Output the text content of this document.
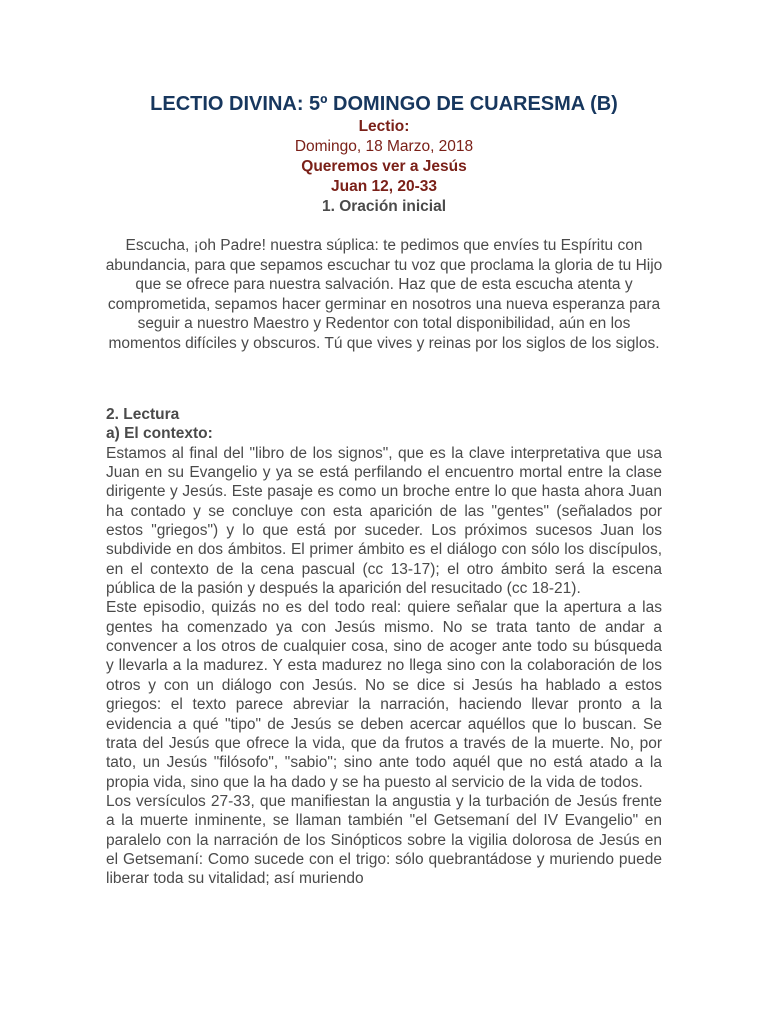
LECTIO DIVINA: 5º DOMINGO DE CUARESMA (B)
Lectio:
Domingo, 18 Marzo, 2018
Queremos ver a Jesús
Juan 12, 20-33
1. Oración inicial
Escucha, ¡oh Padre! nuestra súplica: te pedimos que envíes tu Espíritu con abundancia, para que sepamos escuchar tu voz que proclama la gloria de tu Hijo que se ofrece para nuestra salvación. Haz que de esta escucha atenta y comprometida, sepamos hacer germinar en nosotros una nueva esperanza para seguir a nuestro Maestro y Redentor con total disponibilidad, aún en los momentos difíciles y obscuros. Tú que vives y reinas por los siglos de los siglos.
2. Lectura
a) El contexto:

Estamos al final del "libro de los signos", que es la clave interpretativa que usa Juan en su Evangelio y ya se está perfilando el encuentro mortal entre la clase dirigente y Jesús. Este pasaje es como un broche entre lo que hasta ahora Juan ha contado y se concluye con esta aparición de las "gentes" (señalados por estos "griegos") y lo que está por suceder. Los próximos sucesos Juan los subdivide en dos ámbitos. El primer ámbito es el diálogo con sólo los discípulos, en el contexto de la cena pascual (cc 13-17); el otro ámbito será la escena pública de la pasión y después la aparición del resucitado (cc 18-21).

Este episodio, quizás no es del todo real: quiere señalar que la apertura a las gentes ha comenzado ya con Jesús mismo. No se trata tanto de andar a convencer a los otros de cualquier cosa, sino de acoger ante todo su búsqueda y llevarla a la madurez. Y esta madurez no llega sino con la colaboración de los otros y con un diálogo con Jesús. No se dice si Jesús ha hablado a estos griegos: el texto parece abreviar la narración, haciendo llevar pronto a la evidencia a qué "tipo" de Jesús se deben acercar aquéllos que lo buscan. Se trata del Jesús que ofrece la vida, que da frutos a través de la muerte. No, por tato, un Jesús "filósofo", "sabio"; sino ante todo aquél que no está atado a la propia vida, sino que la ha dado y se ha puesto al servicio de la vida de todos.

Los versículos 27-33, que manifiestan la angustia y la turbación de Jesús frente a la muerte inminente, se llaman también "el Getsemaní del IV Evangelio" en paralelo con la narración de los Sinópticos sobre la vigilia dolorosa de Jesús en el Getsemaní: Como sucede con el trigo: sólo quebrantádose y muriendo puede liberar toda su vitalidad; así muriendo
